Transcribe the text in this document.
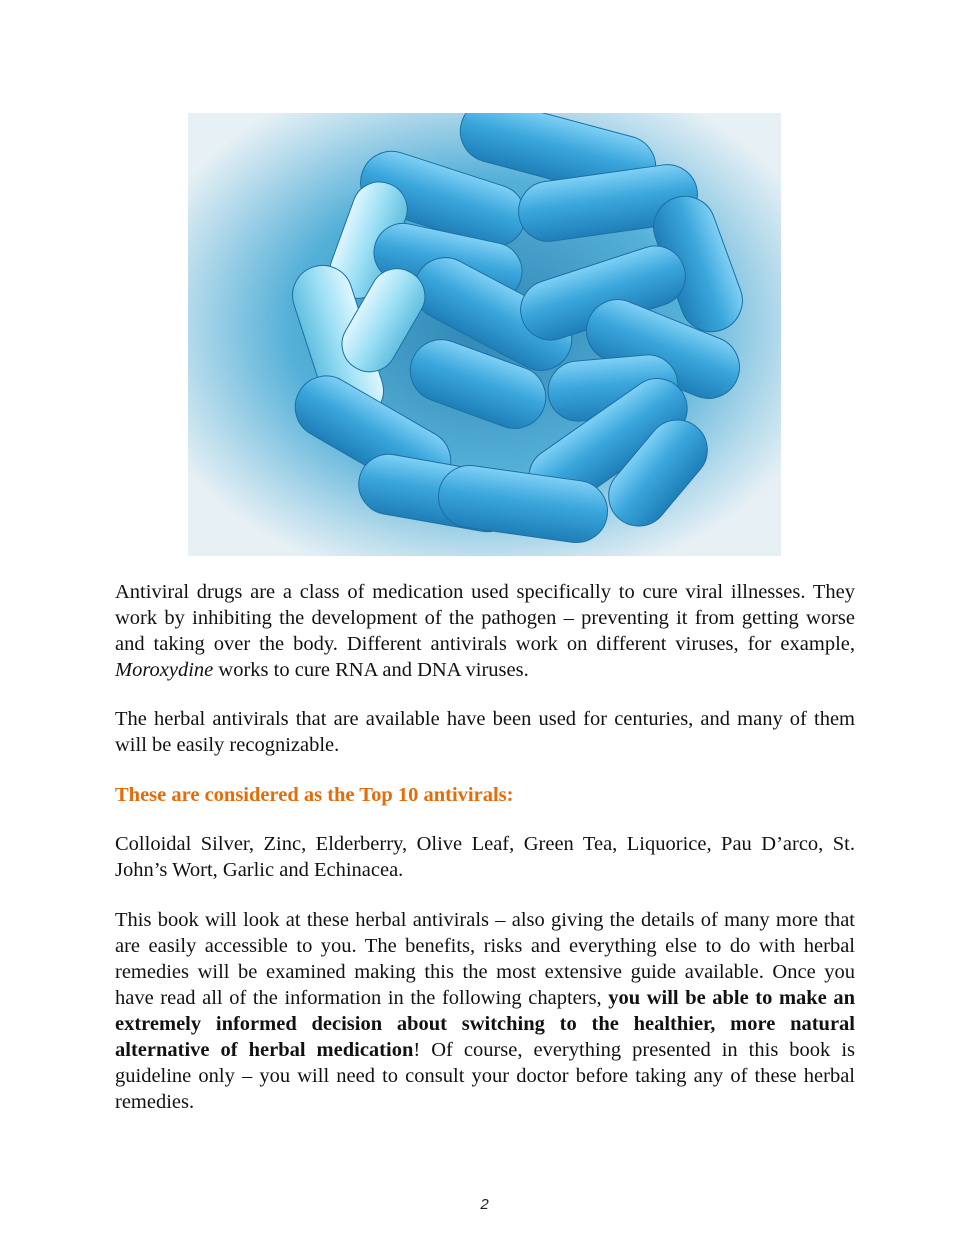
Antiviral drugs are a class of medication used specifically to cure viral illnesses. They work by inhibiting the development of the pathogen – preventing it from getting worse and taking over the body. Different antivirals work on different viruses, for example, Moroxydine works to cure RNA and DNA viruses.

The herbal antivirals that are available have been used for centuries, and many of them will be easily recognizable.

These are considered as the Top 10 antivirals:

Colloidal Silver, Zinc, Elderberry, Olive Leaf, Green Tea, Liquorice, Pau D’arco, St. John’s Wort, Garlic and Echinacea.

This book will look at these herbal antivirals – also giving the details of many more that are easily accessible to you. The benefits, risks and everything else to do with herbal remedies will be examined making this the most extensive guide available. Once you have read all of the information in the following chapters, you will be able to make an extremely informed decision about switching to the healthier, more natural alternative of herbal medication! Of course, everything presented in this book is guideline only – you will need to consult your doctor before taking any of these herbal remedies.

2
